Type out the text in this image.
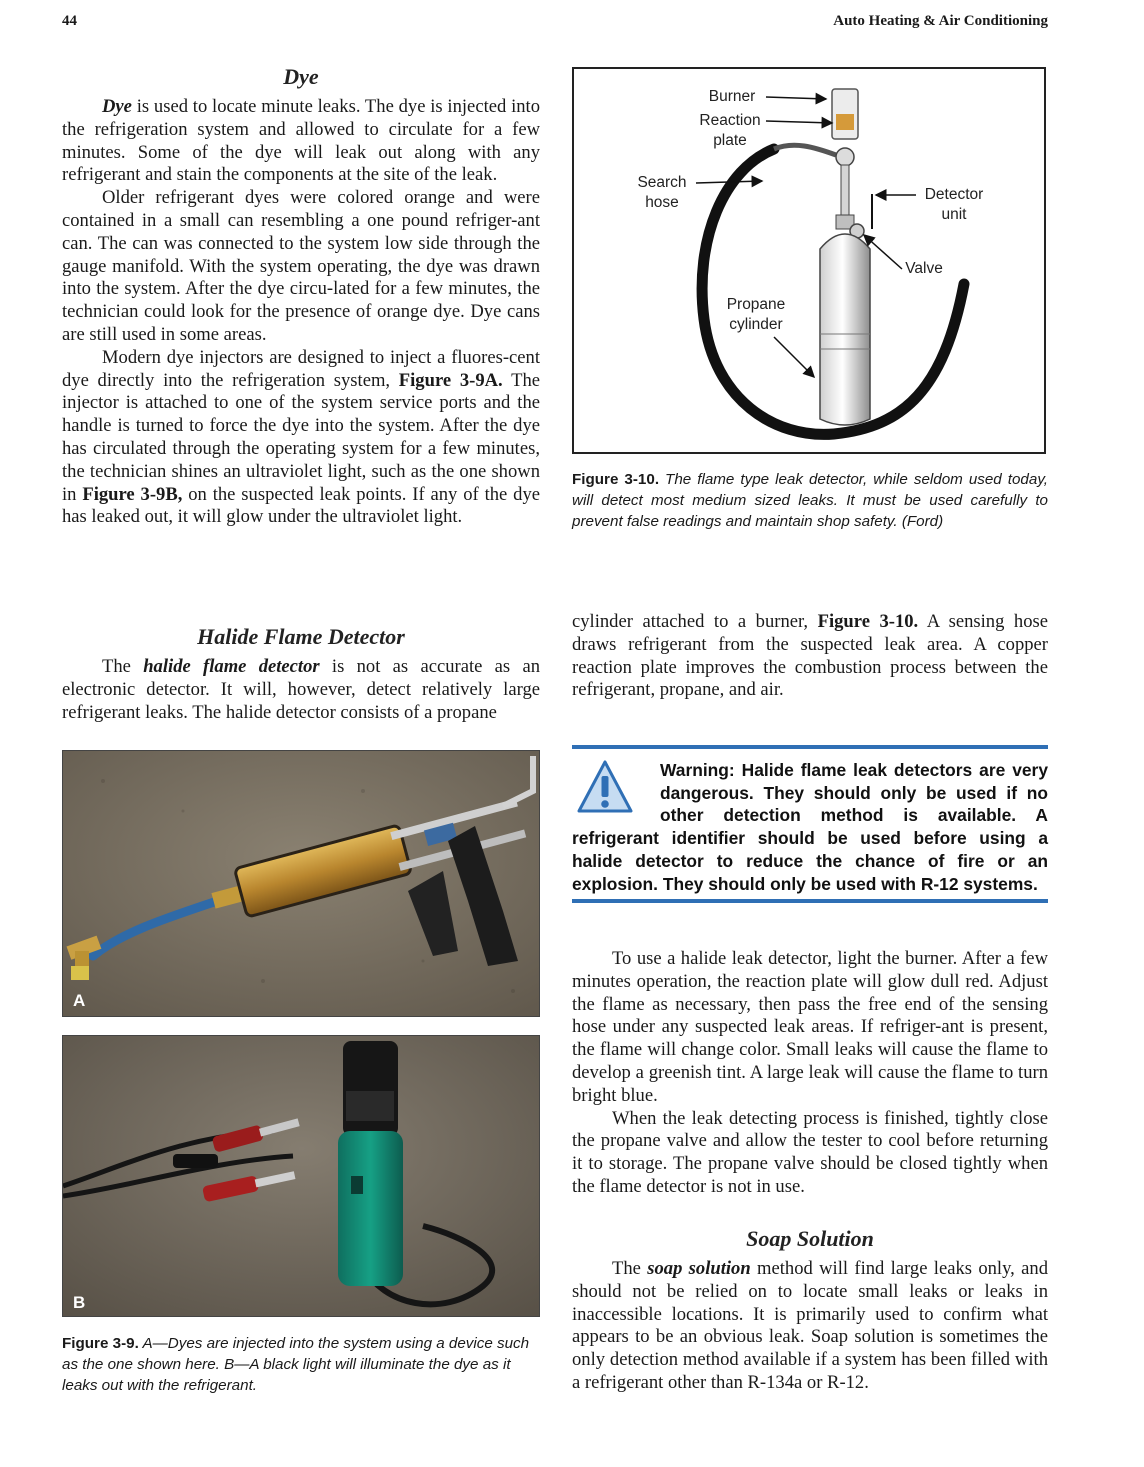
44	Auto Heating & Air Conditioning
Dye

Dye is used to locate minute leaks. The dye is injected into the refrigeration system and allowed to circulate for a few minutes. Some of the dye will leak out along with any refrigerant and stain the components at the site of the leak.

Older refrigerant dyes were colored orange and were contained in a small can resembling a one pound refriger-ant can. The can was connected to the system low side through the gauge manifold. With the system operating, the dye was drawn into the system. After the dye circu-lated for a few minutes, the technician could look for the presence of orange dye. Dye cans are still used in some areas.

Modern dye injectors are designed to inject a fluores-cent dye directly into the refrigeration system, Figure 3-9A. The injector is attached to one of the system service ports and the handle is turned to force the dye into the system. After the dye has circulated through the operating system for a few minutes, the technician shines an ultraviolet light, such as the one shown in Figure 3-9B, on the suspected leak points. If any of the dye has leaked out, it will glow under the ultraviolet light.

Halide Flame Detector

The halide flame detector is not as accurate as an electronic detector. It will, however, detect relatively large refrigerant leaks. The halide detector consists of a propane

A
B
Figure 3-9. A—Dyes are injected into the system using a device such as the one shown here. B—A black light will illuminate the dye as it leaks out with the refrigerant.
Burner
Reaction plate
Search hose	Detector unit
Valve
Propane cylinder
Figure 3-10. The flame type leak detector, while seldom used today, will detect most medium sized leaks. It must be used carefully to prevent false readings and maintain shop safety. (Ford)

cylinder attached to a burner, Figure 3-10. A sensing hose draws refrigerant from the suspected leak area. A copper reaction plate improves the combustion process between the refrigerant, propane, and air.

Warning: Halide flame leak detectors are very dangerous. They should only be used if no other detection method is available. A refrigerant identifier should be used before using a halide detector to reduce the chance of fire or an explosion. They should only be used with R-12 systems.

To use a halide leak detector, light the burner. After a few minutes operation, the reaction plate will glow dull red. Adjust the flame as necessary, then pass the free end of the sensing hose under any suspected leak areas. If refriger-ant is present, the flame will change color. Small leaks will cause the flame to develop a greenish tint. A large leak will cause the flame to turn bright blue.

When the leak detecting process is finished, tightly close the propane valve and allow the tester to cool before returning it to storage. The propane valve should be closed tightly when the flame detector is not in use.

Soap Solution

The soap solution method will find large leaks only, and should not be relied on to locate small leaks or leaks in inaccessible locations. It is primarily used to confirm what appears to be an obvious leak. Soap solution is sometimes the only detection method available if a system has been filled with a refrigerant other than R-134a or R-12.
